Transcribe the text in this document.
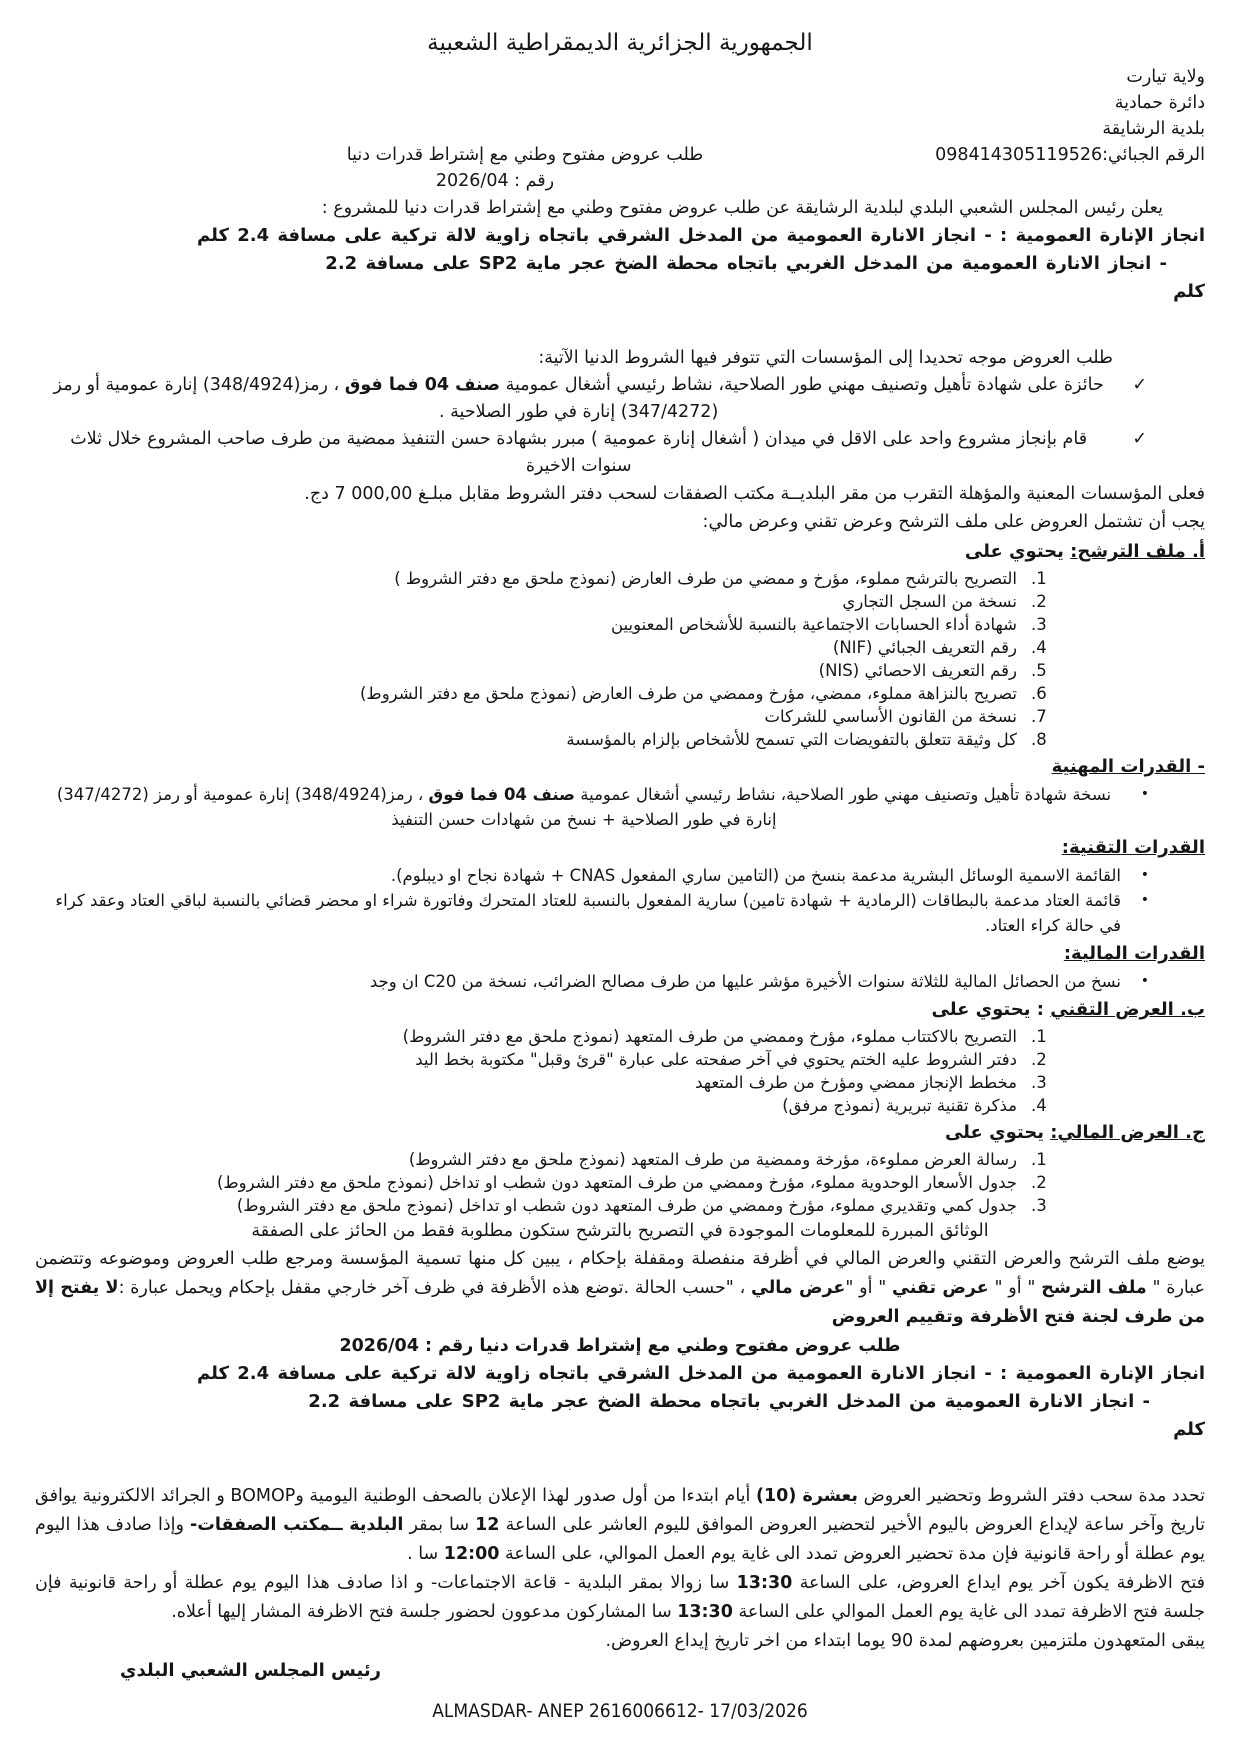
الجمهورية الجزائرية الديمقراطية الشعبية
ولاية تيارت
دائرة حمادية
بلدية الرشايقة
الرقم الجبائي:098414305119526
طلب عروض مفتوح وطني مع إشتراط قدرات دنيا
رقم : 2026/04
يعلن رئيس المجلس الشعبي البلدي لبلدية الرشايقة عن طلب عروض مفتوح وطني مع إشتراط قدرات دنيا للمشروع :
انجاز الإنارة العمومية : - انجاز الانارة العمومية من المدخل الشرقي باتجاه زاوية لالة تركية على مسافة 2.4 كلم
- انجاز الانارة العمومية من المدخل الغربي باتجاه محطة الضخ عجر ماية SP2 على مسافة 2.2
كلم
طلب العروض موجه تحديدا إلى المؤسسات التي تتوفر فيها الشروط الدنيا الآتية:
✓
حائزة على شهادة تأهيل وتصنيف مهني طور الصلاحية، نشاط رئيسي أشغال عمومية صنف 04 فما فوق ، رمز(348/4924) إنارة عمومية أو رمز (347/4272) إنارة في طور الصلاحية .
✓
قام بإنجاز مشروع واحد على الاقل في ميدان ( أشغال إنارة عمومية ) مبرر بشهادة حسن التنفيذ ممضية من طرف صاحب المشروع خلال ثلاث سنوات الاخيرة
فعلى المؤسسات المعنية والمؤهلة التقرب من مقر البلديــة مكتب الصفقات لسحب دفتر الشروط مقابل مبلـغ 7 000,00 دج.
يجب أن تشتمل العروض على ملف الترشح وعرض تقني وعرض مالي:
أ. ملف الترشح: يحتوي على
1.
التصريح بالترشح مملوء، مؤرخ و ممضي من طرف العارض (نموذج ملحق مع دفتر الشروط )
2.
نسخة من السجل التجاري
3.
شهادة أداء الحسابات الاجتماعية بالنسبة للأشخاص المعنويين
4.
رقم التعريف الجبائي (NIF)
5.
رقم التعريف الاحصائي (NIS)
6.
تصريح بالنزاهة مملوء، ممضي، مؤرخ وممضي من طرف العارض (نموذج ملحق مع دفتر الشروط)
7.
نسخة من القانون الأساسي للشركات
8.
كل وثيقة تتعلق بالتفويضات التي تسمح للأشخاص بإلزام بالمؤسسة
- القدرات المهنية
•
نسخة شهادة تأهيل وتصنيف مهني طور الصلاحية، نشاط رئيسي أشغال عمومية صنف 04 فما فوق ، رمز(348/4924) إنارة عمومية أو رمز (347/4272) إنارة في طور الصلاحية + نسخ من شهادات حسن التنفيذ
القدرات التقنية:
•
القائمة الاسمية الوسائل البشرية مدعمة بنسخ من (التامين ساري المفعول CNAS + شهادة نجاح او ديبلوم).
•
قائمة العتاد مدعمة بالبطاقات (الرمادية + شهادة تامين) سارية المفعول بالنسبة للعتاد المتحرك وفاتورة شراء او محضر قضائي بالنسبة لباقي العتاد وعقد كراء في حالة كراء العتاد.
القدرات المالية:
•
نسخ من الحصائل المالية للثلاثة سنوات الأخيرة مؤشر عليها من طرف مصالح الضرائب، نسخة من C20 ان وجد
ب. العرض التقني : يحتوي على
1.
التصريح بالاكتتاب مملوء، مؤرخ وممضي من طرف المتعهد (نموذج ملحق مع دفتر الشروط)
2.
دفتر الشروط عليه الختم يحتوي في آخر صفحته على عبارة "قرئ وقبل" مكتوبة بخط اليد
3.
مخطط الإنجاز ممضي ومؤرخ من طرف المتعهد
4.
مذكرة تقنية تبريرية (نموذج مرفق)
ج. العرض المالي: يحتوي على
1.
رسالة العرض مملوءة، مؤرخة وممضية من طرف المتعهد (نموذج ملحق مع دفتر الشروط)
2.
جدول الأسعار الوحدوية مملوء، مؤرخ وممضي من طرف المتعهد دون شطب او تداخل (نموذج ملحق مع دفتر الشروط)
3.
جدول كمي وتقديري مملوء، مؤرخ وممضي من طرف المتعهد دون شطب او تداخل (نموذج ملحق مع دفتر الشروط)
الوثائق المبررة للمعلومات الموجودة في التصريح بالترشح ستكون مطلوبة فقط من الحائز على الصفقة
يوضع ملف الترشح والعرض التقني والعرض المالي في أظرفة منفصلة ومقفلة بإحكام ، يبين كل منها تسمية المؤسسة ومرجع طلب العروض وموضوعه وتتضمن عبارة " ملف الترشح " أو " عرض تقني " أو "عرض مالي ، "حسب الحالة .توضع هذه الأظرفة في ظرف آخر خارجي مقفل بإحكام ويحمل عبارة :لا يفتح إلا من طرف لجنة فتح الأظرفة وتقييم العروض
طلب عروض مفتوح وطني مع إشتراط قدرات دنيا رقم : 2026/04
انجاز الإنارة العمومية : - انجاز الانارة العمومية من المدخل الشرقي باتجاه زاوية لالة تركية على مسافة 2.4 كلم
- انجاز الانارة العمومية من المدخل الغربي باتجاه محطة الضخ عجر ماية SP2 على مسافة 2.2
كلم
تحدد مدة سحب دفتر الشروط وتحضير العروض بعشرة (10) أيام ابتدءا من أول صدور لهذا الإعلان بالصحف الوطنية اليومية وBOMOP و الجرائد الالكترونية يوافق تاريخ وآخر ساعة لإيداع العروض باليوم الأخير لتحضير العروض الموافق لليوم العاشر على الساعة 12 سا بمقر البلدية ــمكتب الصفقات- وإذا صادف هذا اليوم يوم عطلة أو راحة قانونية فإن مدة تحضير العروض تمدد الى غاية يوم العمل الموالي، على الساعة 12:00 سا .
فتح الاظرفة يكون آخر يوم ايداع العروض، على الساعة 13:30 سا زوالا بمقر البلدية - قاعة الاجتماعات- و اذا صادف هذا اليوم يوم عطلة أو راحة قانونية فإن جلسة فتح الاظرفة تمدد الى غاية يوم العمل الموالي على الساعة 13:30 سا المشاركون مدعوون لحضور جلسة فتح الاظرفة المشار إليها أعلاه.
يبقى المتعهدون ملتزمين بعروضهم لمدة 90 يوما ابتداء من اخر تاريخ إيداع العروض.
رئيس المجلس الشعبي البلدي
ALMASDAR- ANEP 2616006612- 17/03/2026
